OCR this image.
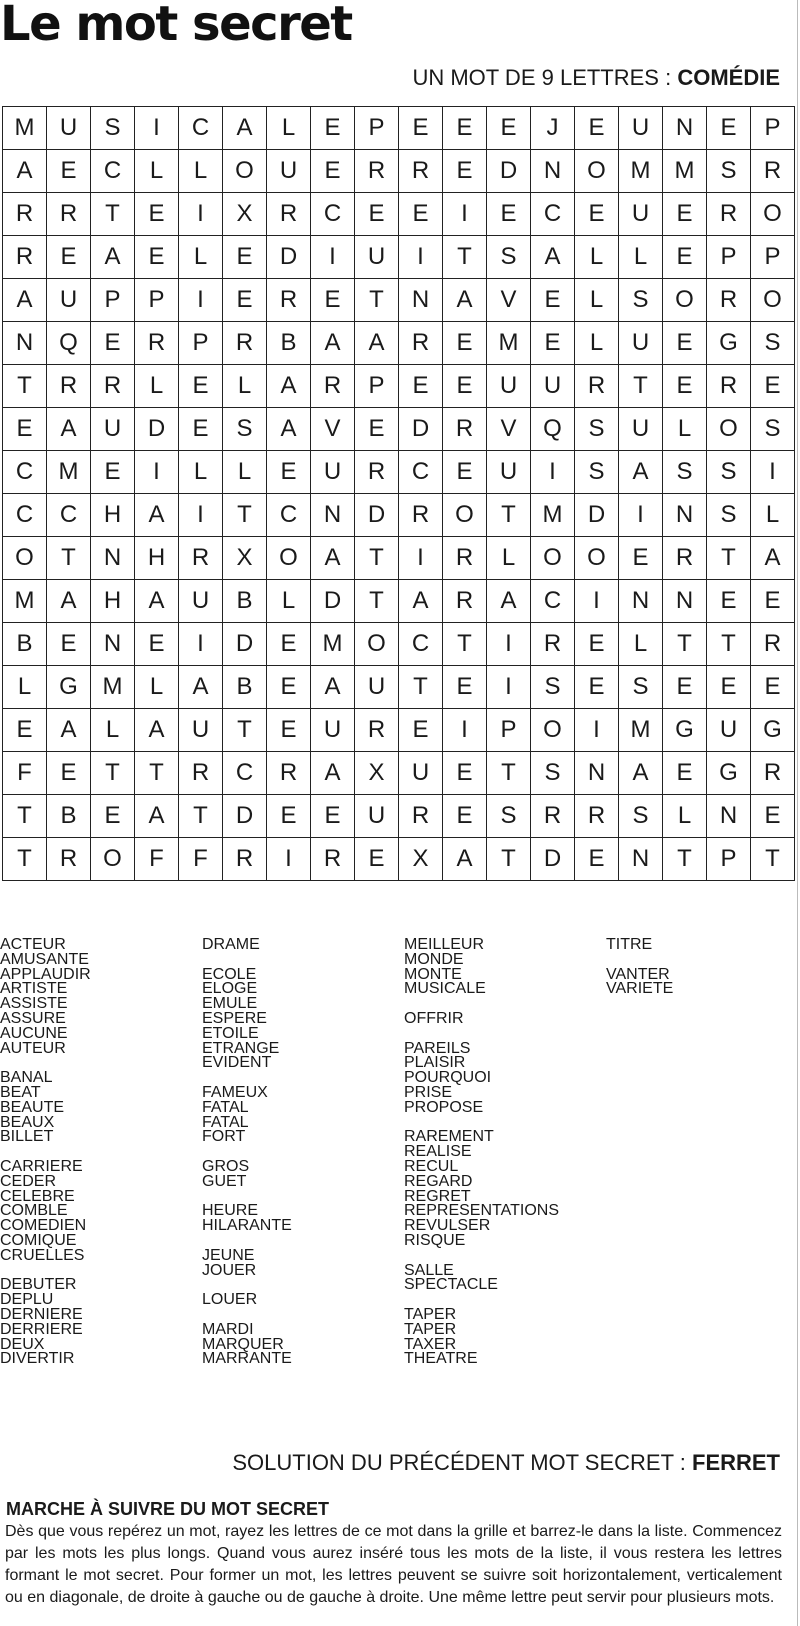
Le mot secret
UN MOT DE 9 LETTRES : COMÉDIE
M	U	S	I	C	A	L	E	P	E	E	E	J	E	U	N	E	P
A	E	C	L	L	O	U	E	R	R	E	D	N	O	M	M	S	R
R	R	T	E	I	X	R	C	E	E	I	E	C	E	U	E	R	O
R	E	A	E	L	E	D	I	U	I	T	S	A	L	L	E	P	P
A	U	P	P	I	E	R	E	T	N	A	V	E	L	S	O	R	O
N	Q	E	R	P	R	B	A	A	R	E	M	E	L	U	E	G	S
T	R	R	L	E	L	A	R	P	E	E	U	U	R	T	E	R	E
E	A	U	D	E	S	A	V	E	D	R	V	Q	S	U	L	O	S
C	M	E	I	L	L	E	U	R	C	E	U	I	S	A	S	S	I
C	C	H	A	I	T	C	N	D	R	O	T	M	D	I	N	S	L
O	T	N	H	R	X	O	A	T	I	R	L	O	O	E	R	T	A
M	A	H	A	U	B	L	D	T	A	R	A	C	I	N	N	E	E
B	E	N	E	I	D	E	M	O	C	T	I	R	E	L	T	T	R
L	G	M	L	A	B	E	A	U	T	E	I	S	E	S	E	E	E
E	A	L	A	U	T	E	U	R	E	I	P	O	I	M	G	U	G
F	E	T	T	R	C	R	A	X	U	E	T	S	N	A	E	G	R
T	B	E	A	T	D	E	E	U	R	E	S	R	R	S	L	N	E
T	R	O	F	F	R	I	R	E	X	A	T	D	E	N	T	P	T
ACTEUR
AMUSANTE
APPLAUDIR
ARTISTE
ASSISTE
ASSURE
AUCUNE
AUTEUR
BANAL
BEAT
BEAUTE
BEAUX
BILLET
CARRIERE
CEDER
CELEBRE
COMBLE
COMEDIEN
COMIQUE
CRUELLES
DEBUTER
DEPLU
DERNIERE
DERRIERE
DEUX
DIVERTIR
DRAME
ECOLE
ELOGE
EMULE
ESPERE
ETOILE
ETRANGE
EVIDENT
FAMEUX
FATAL
FATAL
FORT
GROS
GUET
HEURE
HILARANTE
JEUNE
JOUER
LOUER
MARDI
MARQUER
MARRANTE
MEILLEUR
MONDE
MONTE
MUSICALE
OFFRIR
PAREILS
PLAISIR
POURQUOI
PRISE
PROPOSE
RAREMENT
REALISE
RECUL
REGARD
REGRET
REPRESENTATIONS
REVULSER
RISQUE
SALLE
SPECTACLE
TAPER
TAPER
TAXER
THEATRE
TITRE
VANTER
VARIETE
SOLUTION DU PRÉCÉDENT MOT SECRET : FERRET
MARCHE À SUIVRE DU MOT SECRET
Dès que vous repérez un mot, rayez les lettres de ce mot dans la grille et barrez-le dans la liste. Commencez par les mots les plus longs. Quand vous aurez inséré tous les mots de la liste, il vous restera les lettres formant le mot secret. Pour former un mot, les lettres peuvent se suivre soit horizontalement, verticalement ou en diagonale, de droite à gauche ou de gauche à droite. Une même lettre peut servir pour plusieurs mots.
